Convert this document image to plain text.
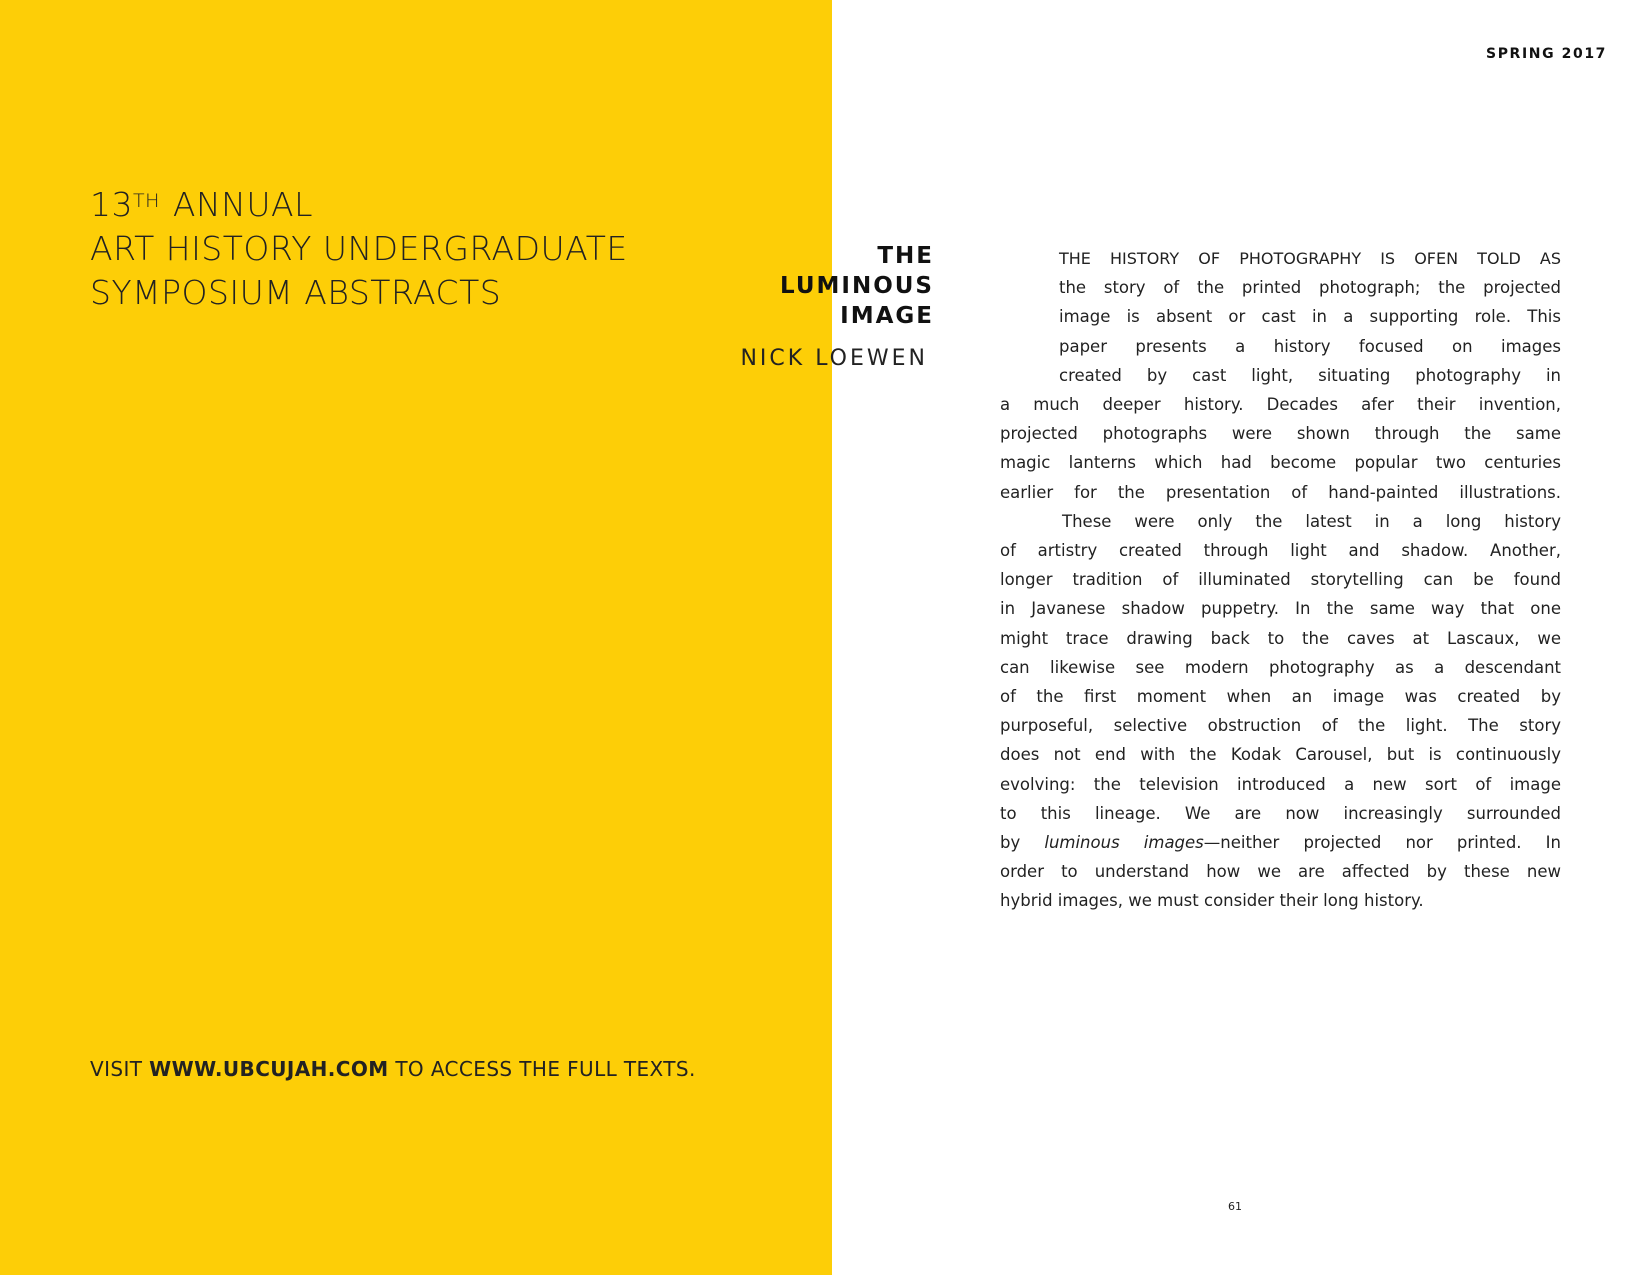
13TH ANNUAL
ART HISTORY UNDERGRADUATE
SYMPOSIUM ABSTRACTS
VISIT WWW.UBCUJAH.COM TO ACCESS THE FULL TEXTS.
SPRING 2017
THE
LUMINOUS
IMAGE
NICK LOEWEN
THE HISTORY OF PHOTOGRAPHY IS OFEN TOLD AS
the story of the printed photograph; the projected
image is absent or cast in a supporting role. This
paper presents a history focused on images
created by cast light, situating photography in
a much deeper history. Decades afer their invention,
projected photographs were shown through the same
magic lanterns which had become popular two centuries
earlier for the presentation of hand-painted illustrations.
These were only the latest in a long history
of artistry created through light and shadow. Another,
longer tradition of illuminated storytelling can be found
in Javanese shadow puppetry. In the same way that one
might trace drawing back to the caves at Lascaux, we
can likewise see modern photography as a descendant
of the first moment when an image was created by
purposeful, selective obstruction of the light. The story
does not end with the Kodak Carousel, but is continuously
evolving: the television introduced a new sort of image
to this lineage. We are now increasingly surrounded
by luminous images—neither projected nor printed. In
order to understand how we are affected by these new
hybrid images, we must consider their long history.
61
